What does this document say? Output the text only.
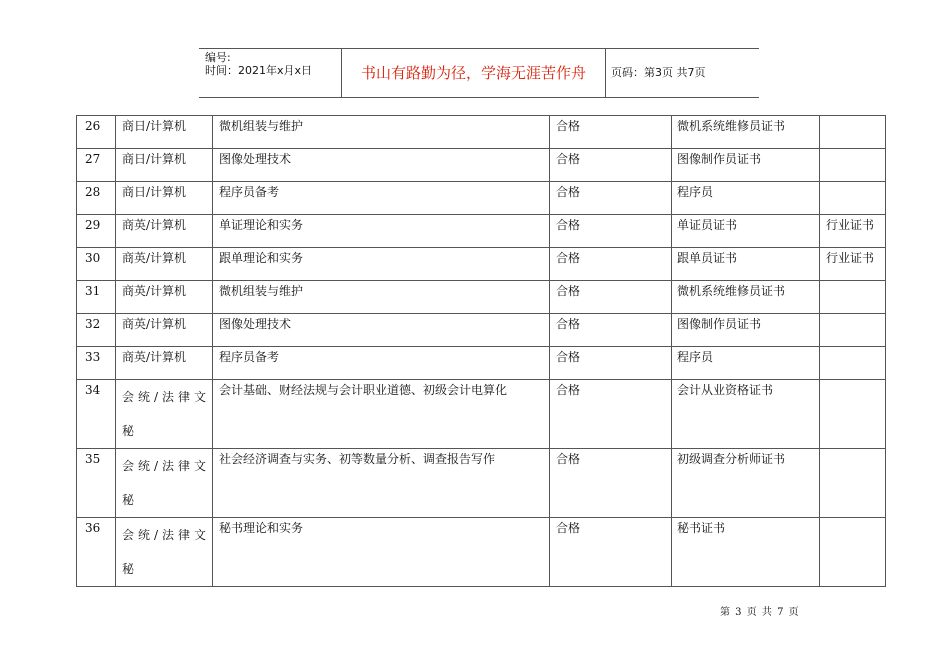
编号:
时间：2021年x月x日	书山有路勤为径，学海无涯苦作舟	页码：第3页 共7页
26	商日/计算机	微机组装与维护	合格	微机系统维修员证书	
27	商日/计算机	图像处理技术	合格	图像制作员证书	
28	商日/计算机	程序员备考	合格	程序员	
29	商英/计算机	单证理论和实务	合格	单证员证书	行业证书
30	商英/计算机	跟单理论和实务	合格	跟单员证书	行业证书
31	商英/计算机	微机组装与维护	合格	微机系统维修员证书	
32	商英/计算机	图像处理技术	合格	图像制作员证书	
33	商英/计算机	程序员备考	合格	程序员	
34	会统/法律文秘	会计基础、财经法规与会计职业道德、初级会计电算化	合格	会计从业资格证书	
35	会统/法律文秘	社会经济调查与实务、初等数量分析、调查报告写作	合格	初级调查分析师证书	
36	会统/法律文秘	秘书理论和实务	合格	秘书证书	
第 3 页 共 7 页
